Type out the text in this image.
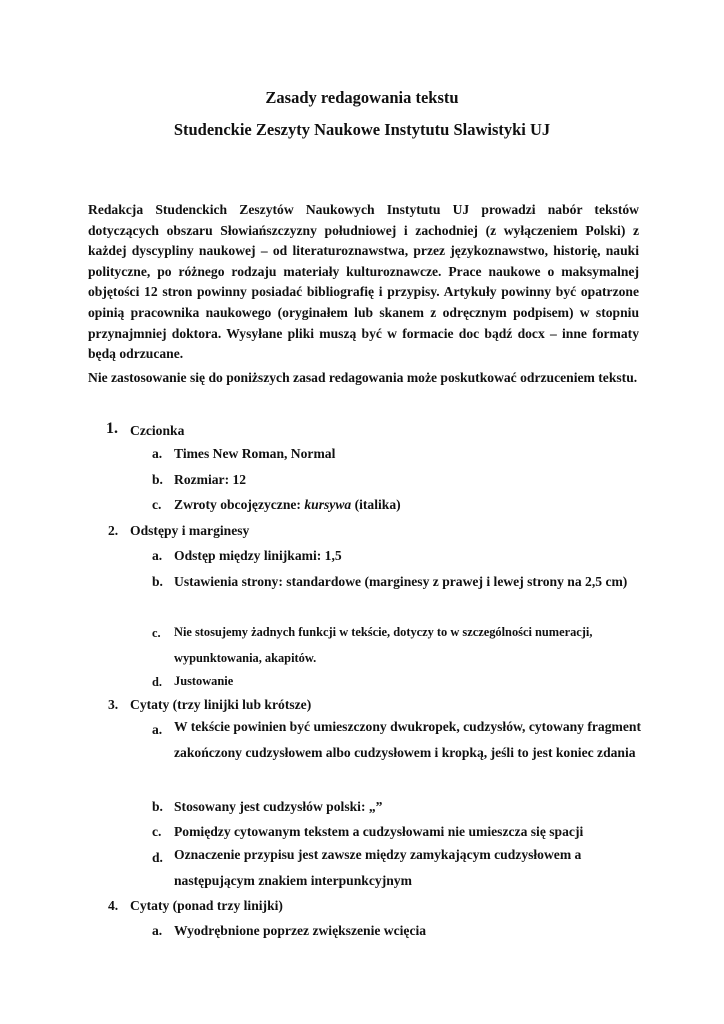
Zasady redagowania tekstu
Studenckie Zeszyty Naukowe Instytutu Slawistyki UJ

Redakcja Studenckich Zeszytów Naukowych Instytutu UJ prowadzi nabór tekstów dotyczących obszaru Słowiańszczyzny południowej i zachodniej (z wyłączeniem Polski) z każdej dyscypliny naukowej – od literaturoznawstwa, przez językoznawstwo, historię, nauki polityczne, po różnego rodzaju materiały kulturoznawcze. Prace naukowe o maksymalnej objętości 12 stron powinny posiadać bibliografię i przypisy. Artykuły powinny być opatrzone opinią pracownika naukowego (oryginałem lub skanem z odręcznym podpisem) w stopniu przynajmniej doktora. Wysyłane pliki muszą być w formacie doc bądź docx – inne formaty będą odrzucane.

Nie zastosowanie się do poniższych zasad redagowania może poskutkować odrzuceniem tekstu.

1. Czcionka
a. Times New Roman, Normal
b. Rozmiar: 12
c. Zwroty obcojęzyczne: kursywa (italika)
2. Odstępy i marginesy
a. Odstęp między linijkami: 1,5
b. Ustawienia strony: standardowe (marginesy z prawej i lewej strony na 2,5 cm)
c. Nie stosujemy żadnych funkcji w tekście, dotyczy to w szczególności numeracji, wypunktowania, akapitów.
d. Justowanie
3. Cytaty (trzy linijki lub krótsze)
a. W tekście powinien być umieszczony dwukropek, cudzysłów, cytowany fragment zakończony cudzysłowem albo cudzysłowem i kropką, jeśli to jest koniec zdania
b. Stosowany jest cudzysłów polski: „”
c. Pomiędzy cytowanym tekstem a cudzysłowami nie umieszcza się spacji
d. Oznaczenie przypisu jest zawsze między zamykającym cudzysłowem a następującym znakiem interpunkcyjnym
4. Cytaty (ponad trzy linijki)
a. Wyodrębnione poprzez zwiększenie wcięcia
